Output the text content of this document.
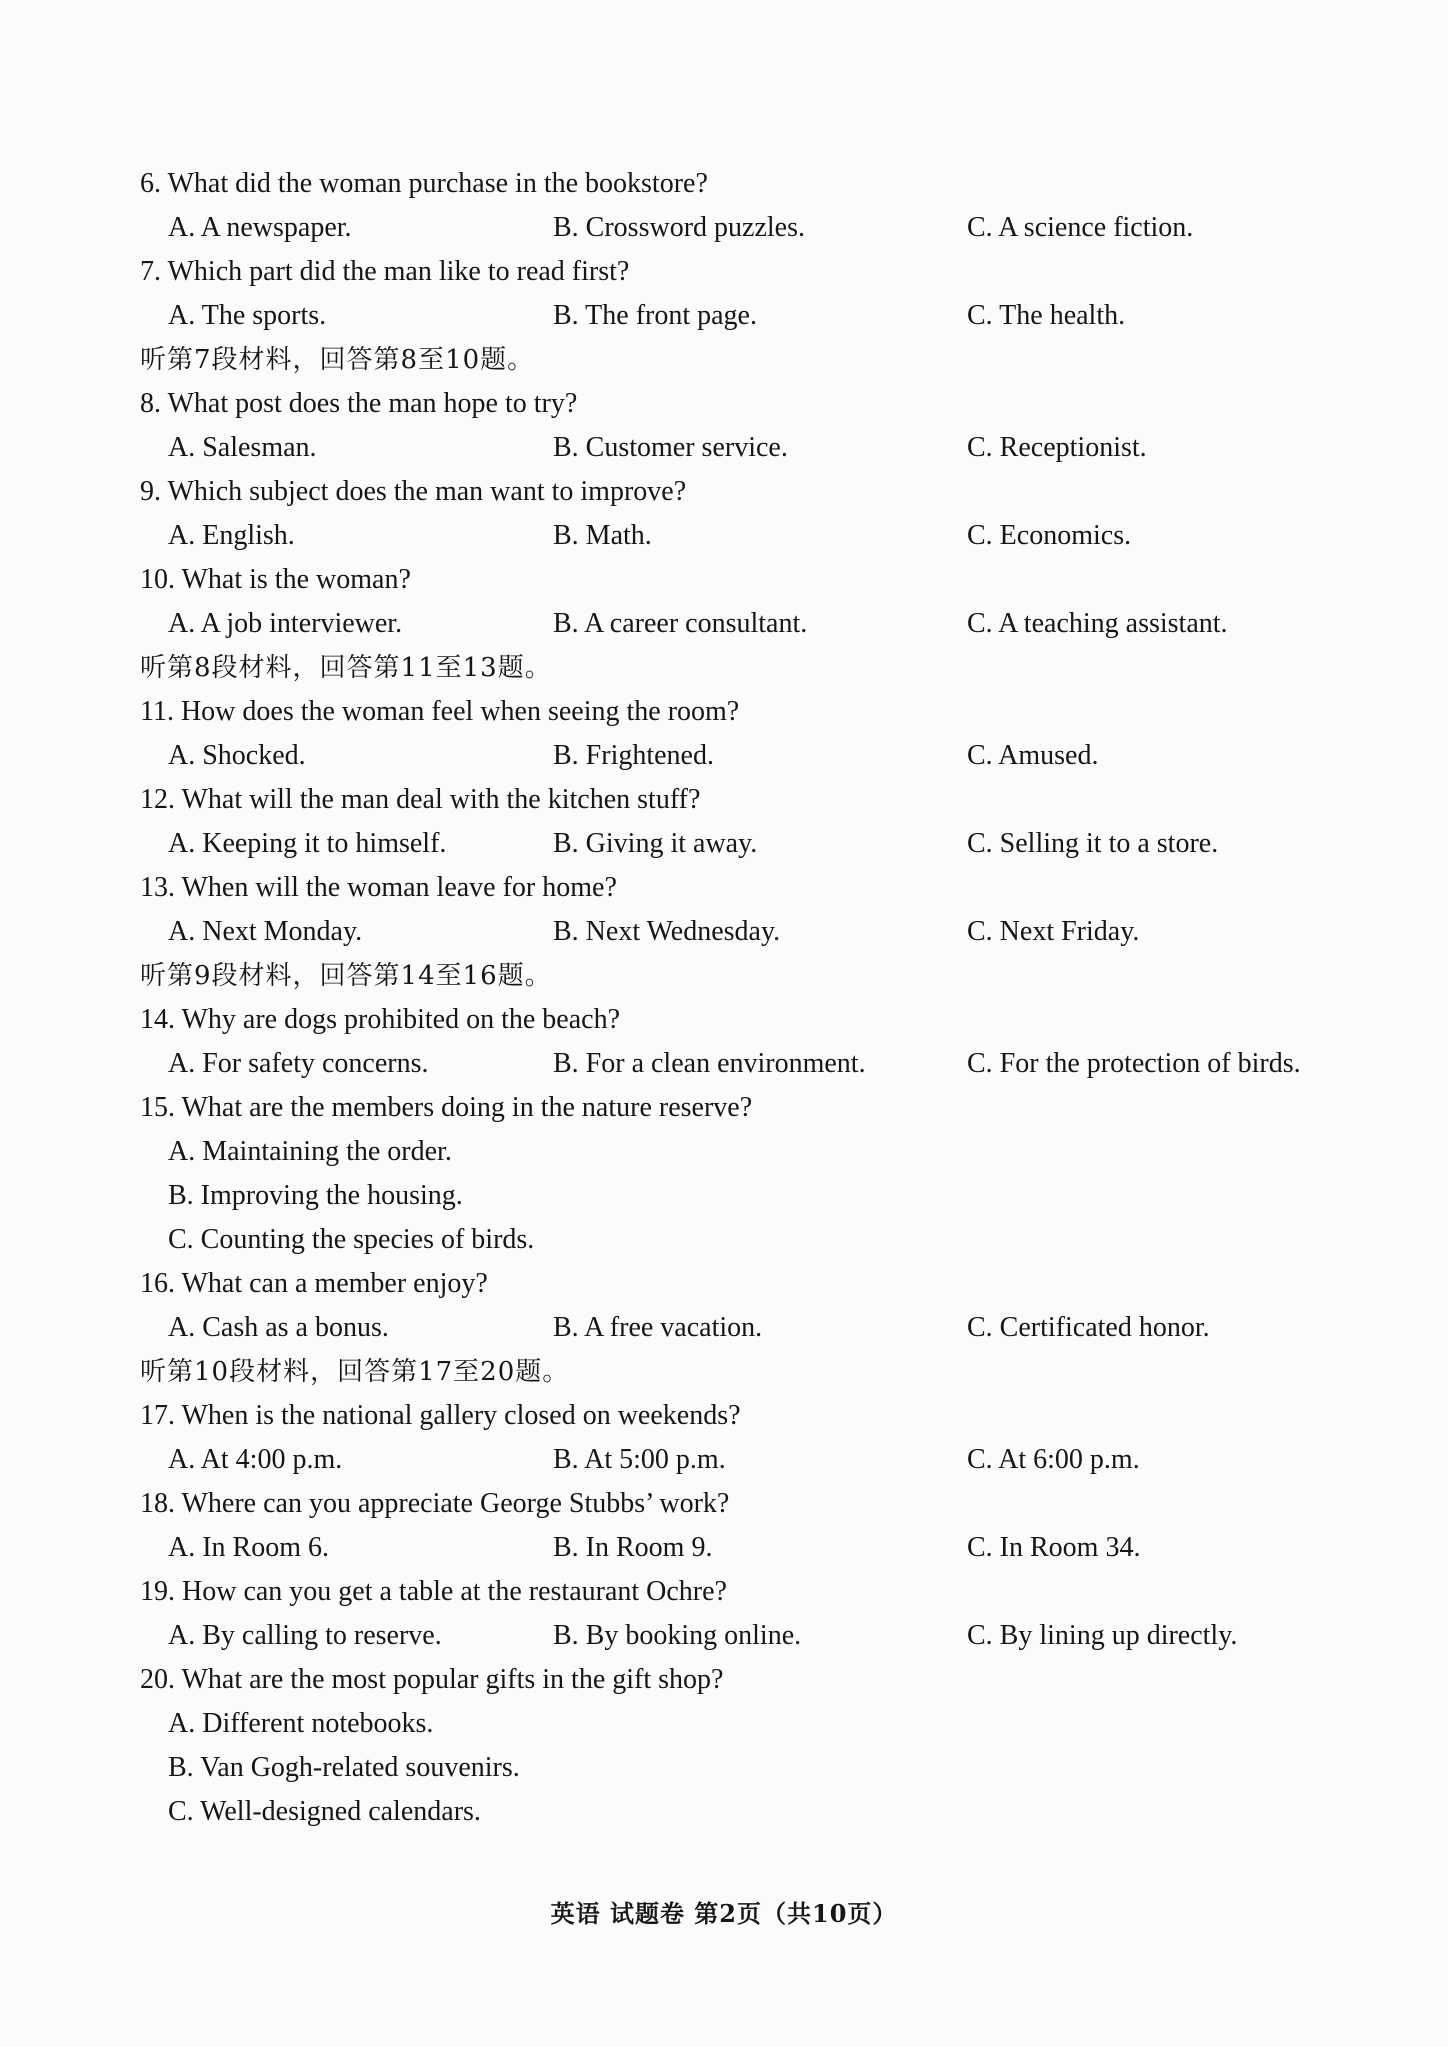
6. What did the woman purchase in the bookstore?
A. A newspaper.	B. Crossword puzzles.	C. A science fiction.
7. Which part did the man like to read first?
A. The sports.	B. The front page.	C. The health.
听第7段材料，回答第8至10题。
8. What post does the man hope to try?
A. Salesman.	B. Customer service.	C. Receptionist.
9. Which subject does the man want to improve?
A. English.	B. Math.	C. Economics.
10. What is the woman?
A. A job interviewer.	B. A career consultant.	C. A teaching assistant.
听第8段材料，回答第11至13题。
11. How does the woman feel when seeing the room?
A. Shocked.	B. Frightened.	C. Amused.
12. What will the man deal with the kitchen stuff?
A. Keeping it to himself.	B. Giving it away.	C. Selling it to a store.
13. When will the woman leave for home?
A. Next Monday.	B. Next Wednesday.	C. Next Friday.
听第9段材料，回答第14至16题。
14. Why are dogs prohibited on the beach?
A. For safety concerns.	B. For a clean environment.	C. For the protection of birds.
15. What are the members doing in the nature reserve?
A. Maintaining the order.
B. Improving the housing.
C. Counting the species of birds.
16. What can a member enjoy?
A. Cash as a bonus.	B. A free vacation.	C. Certificated honor.
听第10段材料，回答第17至20题。
17. When is the national gallery closed on weekends?
A. At 4:00 p.m.	B. At 5:00 p.m.	C. At 6:00 p.m.
18. Where can you appreciate George Stubbs’ work?
A. In Room 6.	B. In Room 9.	C. In Room 34.
19. How can you get a table at the restaurant Ochre?
A. By calling to reserve.	B. By booking online.	C. By lining up directly.
20. What are the most popular gifts in the gift shop?
A. Different notebooks.
B. Van Gogh-related souvenirs.
C. Well-designed calendars.
英语 试题卷 第2页（共10页）
